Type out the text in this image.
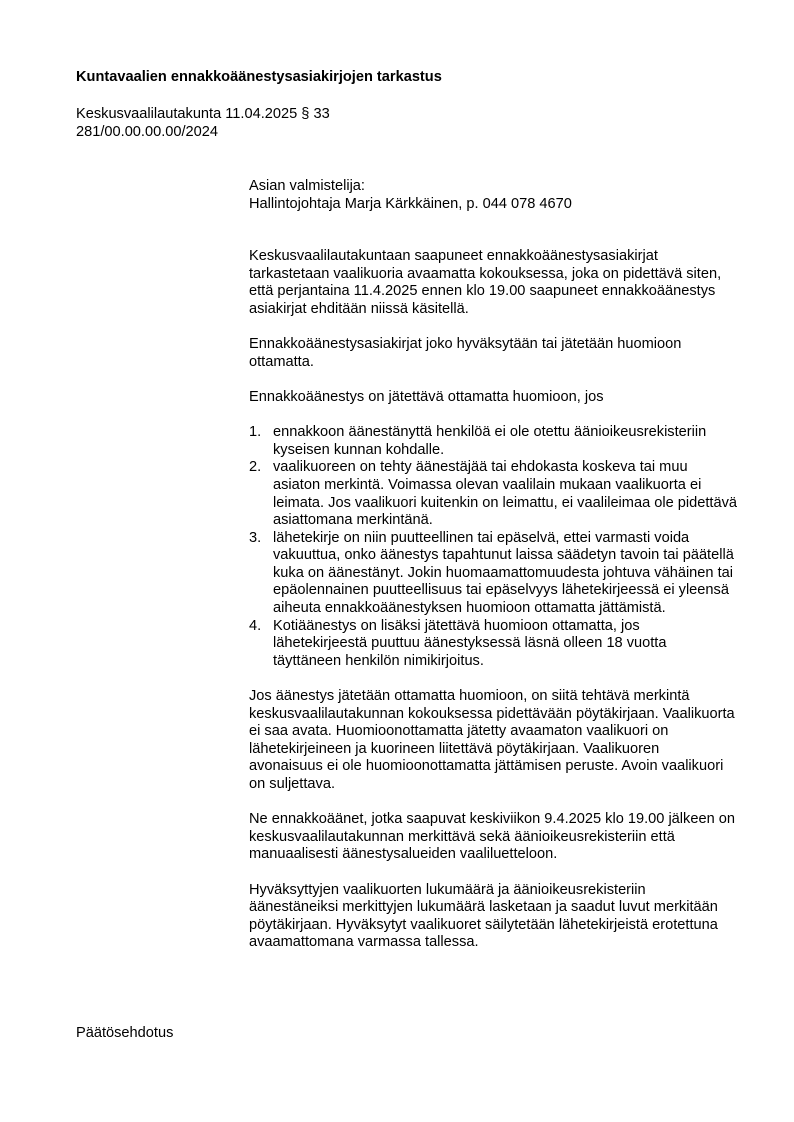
Kuntavaalien ennakkoäänestysasiakirjojen tarkastus
Keskusvaalilautakunta 11.04.2025 § 33
281/00.00.00.00/2024

Asian valmistelija:
Hallintojohtaja Marja Kärkkäinen, p. 044 078 4670

Keskusvaalilautakuntaan saapuneet ennakkoäänestysasiakirjat tarkastetaan vaalikuoria avaamatta kokouksessa, joka on pidettävä siten, että perjantaina 11.4.2025 ennen klo 19.00 saapuneet ennakkoäänestys asiakirjat ehditään niissä käsitellä.

Ennakkoäänestysasiakirjat joko hyväksytään tai jätetään huomioon ottamatta.

Ennakkoäänestys on jätettävä ottamatta huomioon, jos

1. ennakkoon äänestänyttä henkilöä ei ole otettu äänioikeusrekisteriin kyseisen kunnan kohdalle.
2. vaalikuoreen on tehty äänestäjää tai ehdokasta koskeva tai muu asiaton merkintä. Voimassa olevan vaalilain mukaan vaalikuorta ei leimata. Jos vaalikuori kuitenkin on leimattu, ei vaalileimaa ole pidettävä asiattomana merkintänä.
3. lähetekirje on niin puutteellinen tai epäselvä, ettei varmasti voida vakuuttua, onko äänestys tapahtunut laissa säädetyn tavoin tai päätellä kuka on äänestänyt. Jokin huomaamattomuudesta johtuva vähäinen tai epäolennainen puutteellisuus tai epäselvyys lähetekirjeessä ei yleensä aiheuta ennakkoäänestyksen huomioon ottamatta jättämistä.
4. Kotiäänestys on lisäksi jätettävä huomioon ottamatta, jos lähetekirjeestä puuttuu äänestyksessä läsnä olleen 18 vuotta täyttäneen henkilön nimikirjoitus.

Jos äänestys jätetään ottamatta huomioon, on siitä tehtävä merkintä keskusvaalilautakunnan kokouksessa pidettävään pöytäkirjaan. Vaalikuorta ei saa avata. Huomioonottamatta jätetty avaamaton vaalikuori on lähetekirjeineen ja kuorineen liitettävä pöytäkirjaan. Vaalikuoren avonaisuus ei ole huomioonottamatta jättämisen peruste. Avoin vaalikuori on suljettava.

Ne ennakkoäänet, jotka saapuvat keskiviikon 9.4.2025 klo 19.00 jälkeen on keskusvaalilautakunnan merkittävä sekä äänioikeusrekisteriin että manuaalisesti äänestysalueiden vaaliluetteloon.

Hyväksyttyjen vaalikuorten lukumäärä ja äänioikeusrekisteriin äänestäneiksi merkittyjen lukumäärä lasketaan ja saadut luvut merkitään pöytäkirjaan. Hyväksytyt vaalikuoret säilytetään lähetekirjeistä erotettuna avaamattomana varmassa tallessa.

Päätösehdotus
